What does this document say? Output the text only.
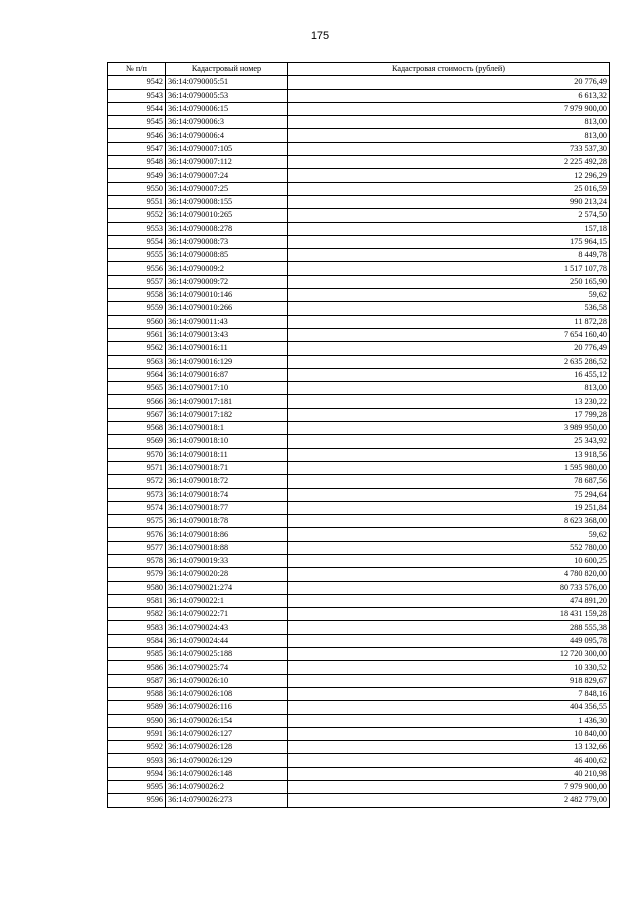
175
№ п/п	Кадастровый номер	Кадастровая стоимость (рублей)
9542	36:14:0790005:51	20 776,49
9543	36:14:0790005:53	6 613,32
9544	36:14:0790006:15	7 979 900,00
9545	36:14:0790006:3	813,00
9546	36:14:0790006:4	813,00
9547	36:14:0790007:105	733 537,30
9548	36:14:0790007:112	2 225 492,28
9549	36:14:0790007:24	12 296,29
9550	36:14:0790007:25	25 016,59
9551	36:14:0790008:155	990 213,24
9552	36:14:0790010:265	2 574,50
9553	36:14:0790008:278	157,18
9554	36:14:0790008:73	175 964,15
9555	36:14:0790008:85	8 449,78
9556	36:14:0790009:2	1 517 107,78
9557	36:14:0790009:72	250 165,90
9558	36:14:0790010:146	59,62
9559	36:14:0790010:266	536,58
9560	36:14:0790011:43	11 872,28
9561	36:14:0790013:43	7 654 160,40
9562	36:14:0790016:11	20 776,49
9563	36:14:0790016:129	2 635 286,52
9564	36:14:0790016:87	16 455,12
9565	36:14:0790017:10	813,00
9566	36:14:0790017:181	13 230,22
9567	36:14:0790017:182	17 799,28
9568	36:14:0790018:1	3 989 950,00
9569	36:14:0790018:10	25 343,92
9570	36:14:0790018:11	13 918,56
9571	36:14:0790018:71	1 595 980,00
9572	36:14:0790018:72	78 687,56
9573	36:14:0790018:74	75 294,64
9574	36:14:0790018:77	19 251,84
9575	36:14:0790018:78	8 623 368,00
9576	36:14:0790018:86	59,62
9577	36:14:0790018:88	552 780,00
9578	36:14:0790019:33	10 600,25
9579	36:14:0790020:28	4 780 820,00
9580	36:14:0790021:274	80 733 576,00
9581	36:14:0790022:1	474 891,20
9582	36:14:0790022:71	18 431 159,28
9583	36:14:0790024:43	288 555,38
9584	36:14:0790024:44	449 095,78
9585	36:14:0790025:188	12 720 300,00
9586	36:14:0790025:74	10 330,52
9587	36:14:0790026:10	918 829,67
9588	36:14:0790026:108	7 848,16
9589	36:14:0790026:116	404 356,55
9590	36:14:0790026:154	1 436,30
9591	36:14:0790026:127	10 840,00
9592	36:14:0790026:128	13 132,66
9593	36:14:0790026:129	46 400,62
9594	36:14:0790026:148	40 210,98
9595	36:14:0790026:2	7 979 900,00
9596	36:14:0790026:273	2 482 779,00
